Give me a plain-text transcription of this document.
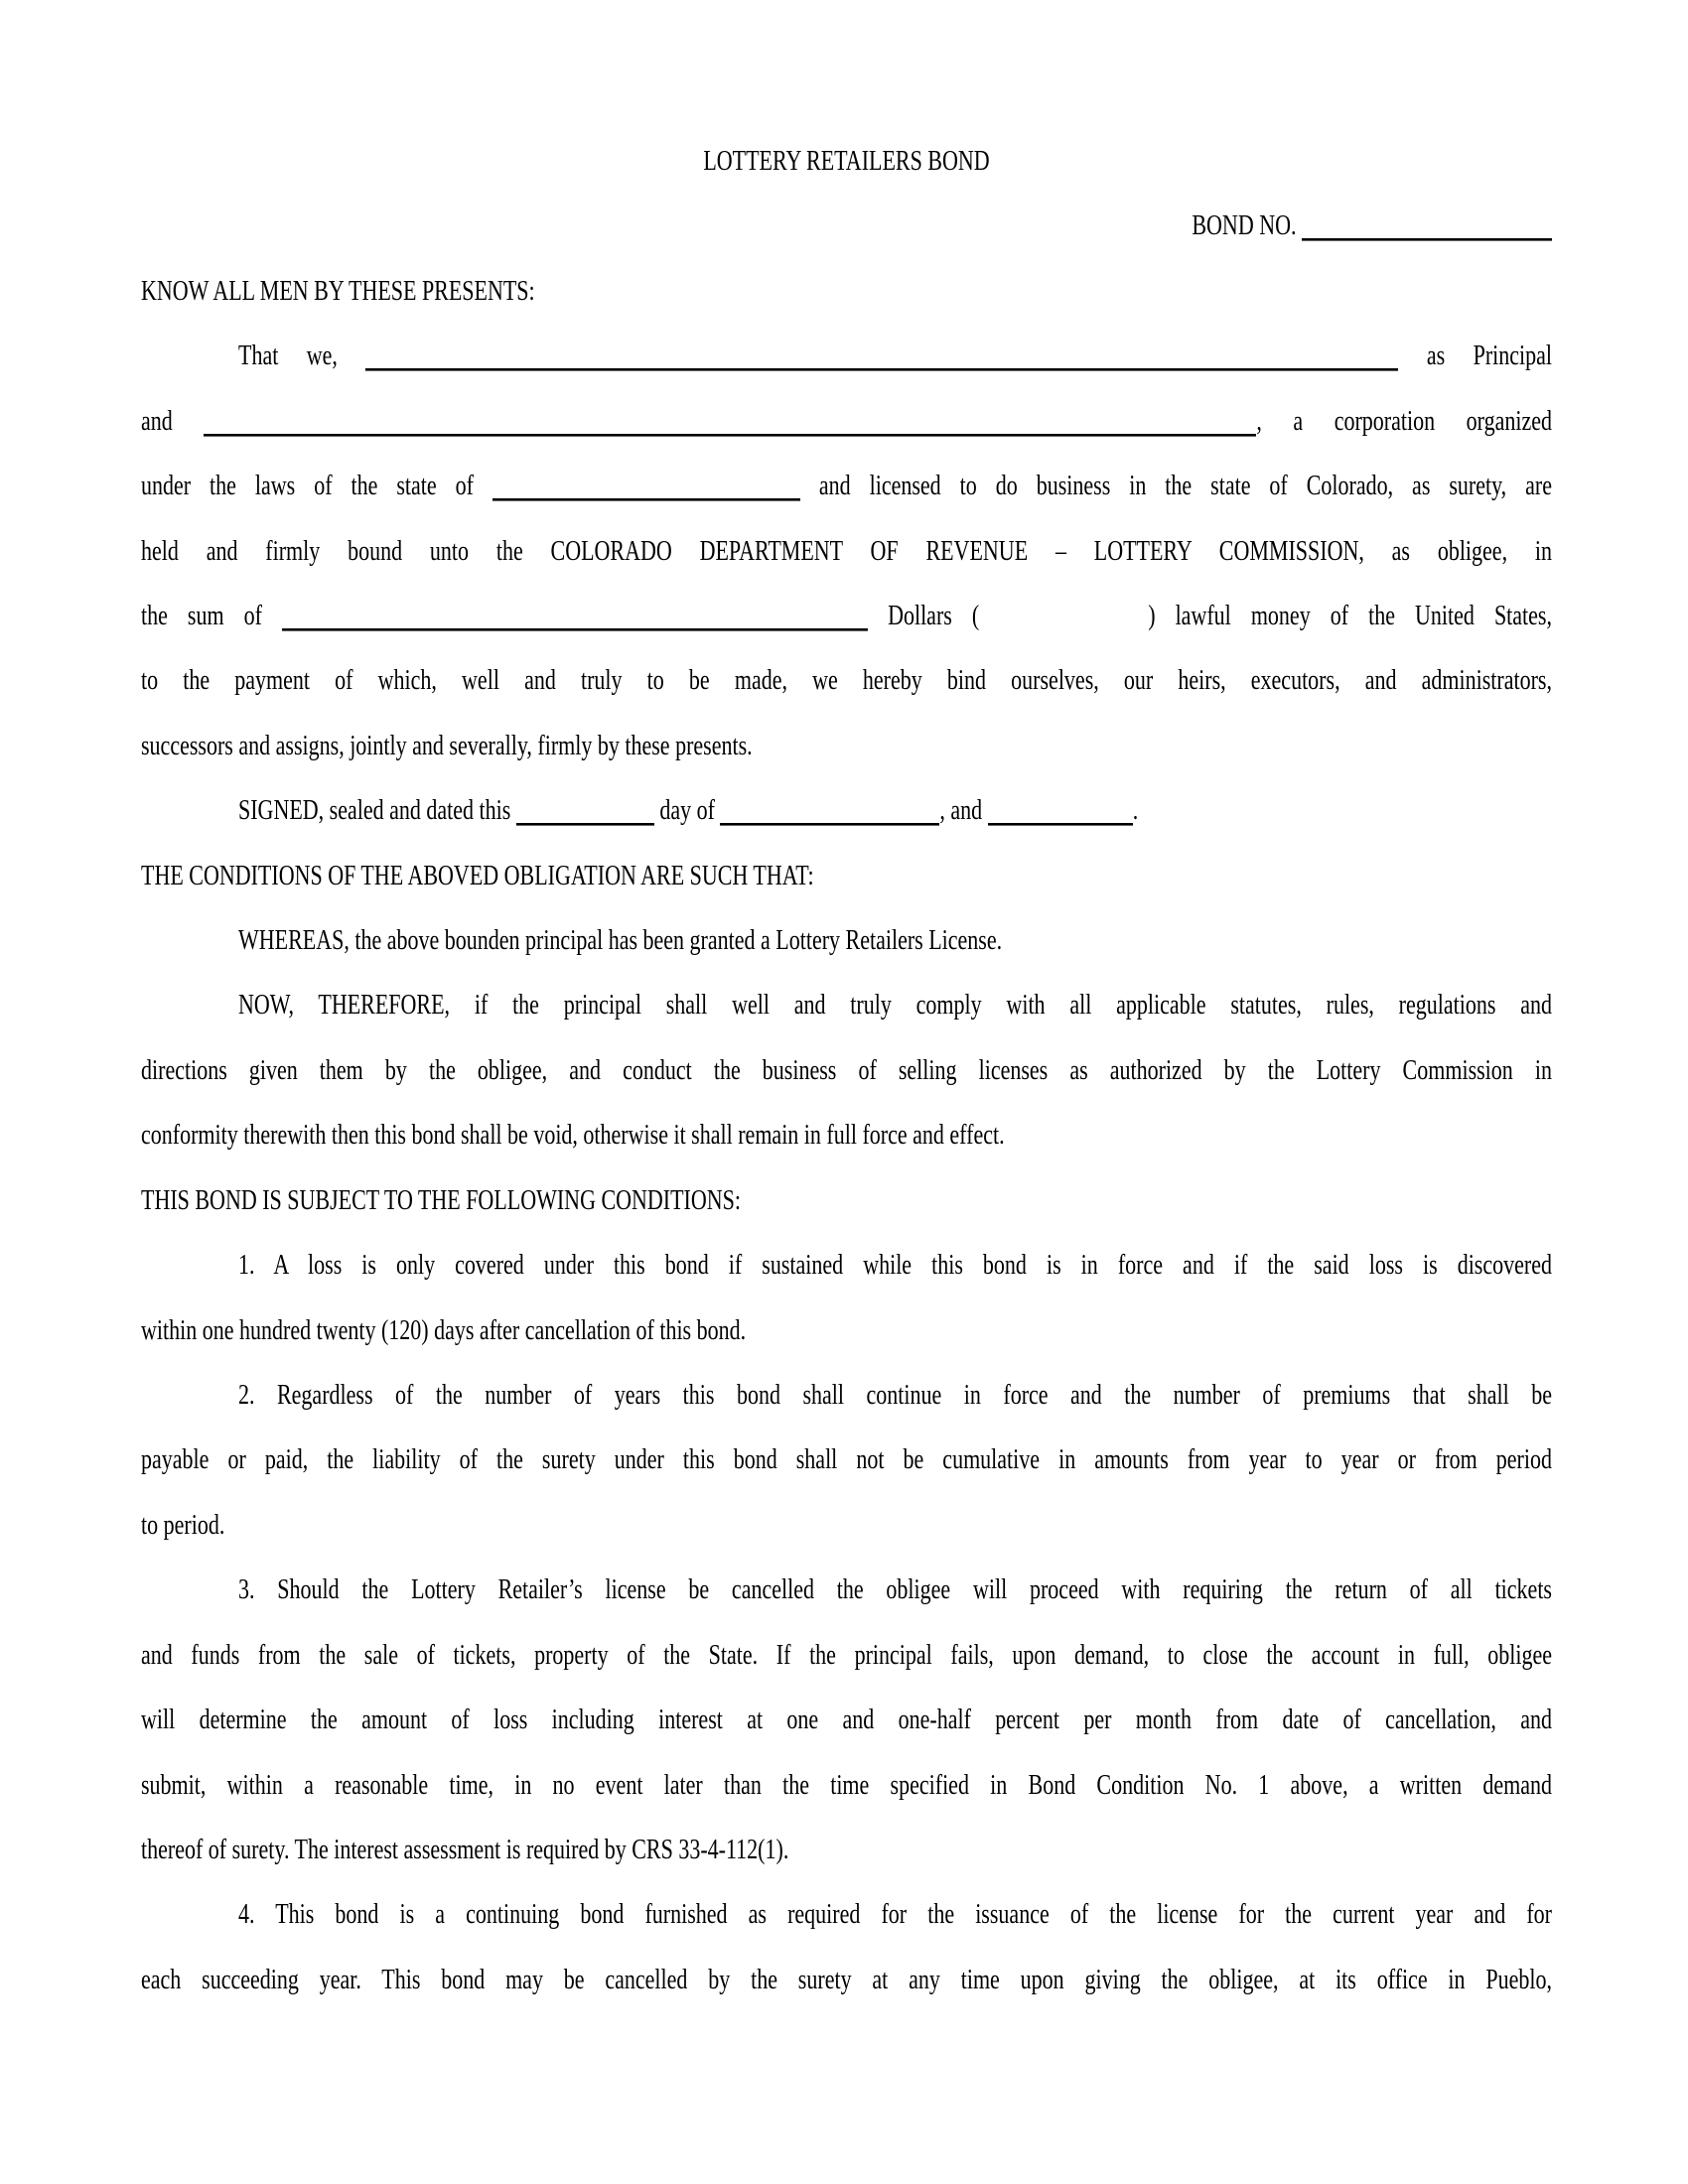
LOTTERY RETAILERS BOND
BOND NO.
KNOW ALL MEN BY THESE PRESENTS:
That we,	as Principal
and	, a corporation organized
under the laws of the state of	and licensed to do business in the state of Colorado, as surety, are
held and firmly bound unto the COLORADO DEPARTMENT OF REVENUE – LOTTERY COMMISSION, as obligee, in
the sum of	Dollars (	) lawful money of the United States,
to the payment of which, well and truly to be made, we hereby bind ourselves, our heirs, executors, and administrators,
successors and assigns, jointly and severally, firmly by these presents.
SIGNED, sealed and dated this	day of	, and	.
THE CONDITIONS OF THE ABOVED OBLIGATION ARE SUCH THAT:
WHEREAS, the above bounden principal has been granted a Lottery Retailers License.
NOW, THEREFORE, if the principal shall well and truly comply with all applicable statutes, rules, regulations and
directions given them by the obligee, and conduct the business of selling licenses as authorized by the Lottery Commission in
conformity therewith then this bond shall be void, otherwise it shall remain in full force and effect.
THIS BOND IS SUBJECT TO THE FOLLOWING CONDITIONS:
1. A loss is only covered under this bond if sustained while this bond is in force and if the said loss is discovered
within one hundred twenty (120) days after cancellation of this bond.
2. Regardless of the number of years this bond shall continue in force and the number of premiums that shall be
payable or paid, the liability of the surety under this bond shall not be cumulative in amounts from year to year or from period
to period.
3. Should the Lottery Retailer’s license be cancelled the obligee will proceed with requiring the return of all tickets
and funds from the sale of tickets, property of the State. If the principal fails, upon demand, to close the account in full, obligee
will determine the amount of loss including interest at one and one-half percent per month from date of cancellation, and
submit, within a reasonable time, in no event later than the time specified in Bond Condition No. 1 above, a written demand
thereof of surety. The interest assessment is required by CRS 33-4-112(1).
4. This bond is a continuing bond furnished as required for the issuance of the license for the current year and for
each succeeding year. This bond may be cancelled by the surety at any time upon giving the obligee, at its office in Pueblo,
